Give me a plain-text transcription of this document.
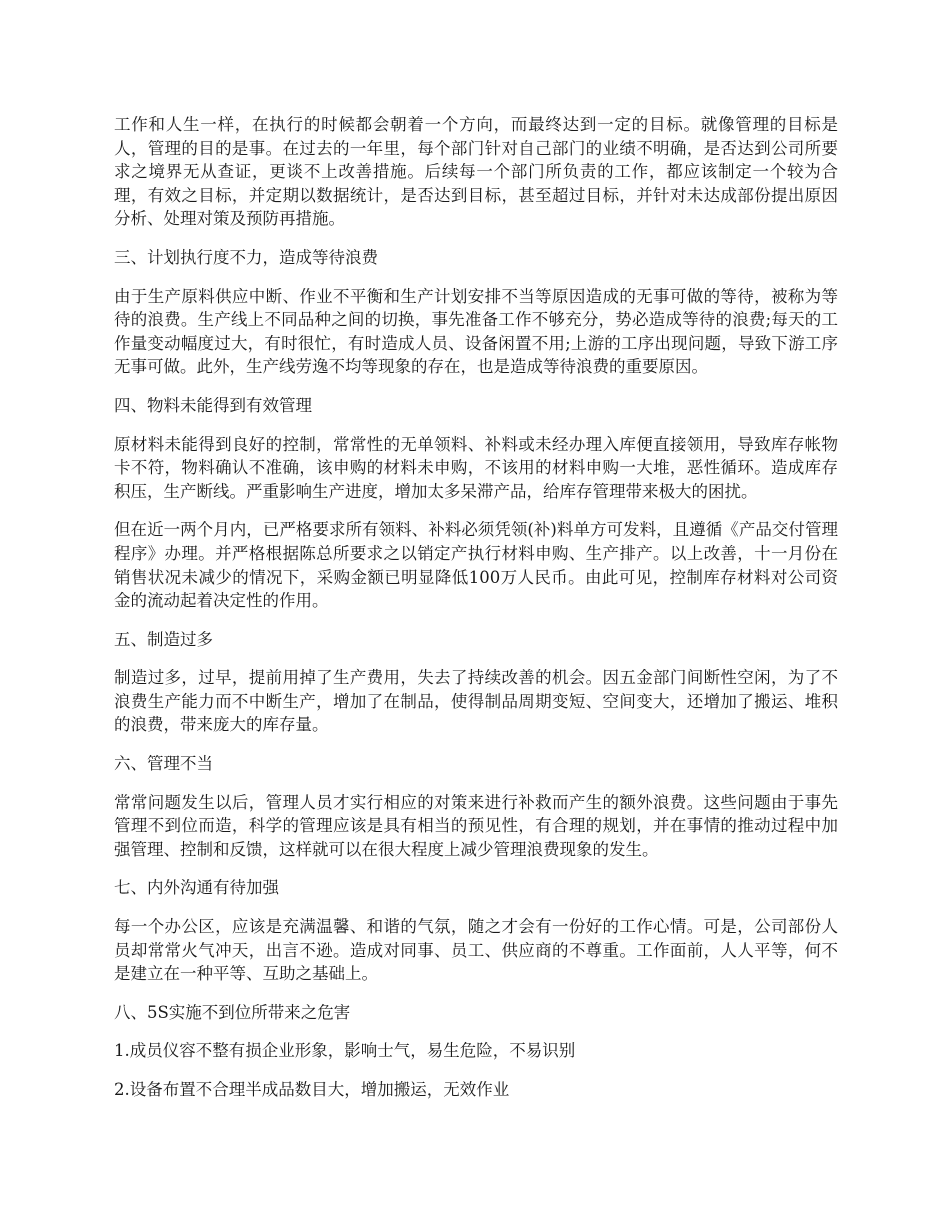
工作和人生一样，在执行的时候都会朝着一个方向，而最终达到一定的目标。就像管理的目标是人，管理的目的是事。在过去的一年里，每个部门针对自己部门的业绩不明确，是否达到公司所要求之境界无从查证，更谈不上改善措施。后续每一个部门所负责的工作，都应该制定一个较为合理，有效之目标，并定期以数据统计，是否达到目标，甚至超过目标，并针对未达成部份提出原因分析、处理对策及预防再措施。

三、计划执行度不力，造成等待浪费

由于生产原料供应中断、作业不平衡和生产计划安排不当等原因造成的无事可做的等待，被称为等待的浪费。生产线上不同品种之间的切换，事先准备工作不够充分，势必造成等待的浪费;每天的工作量变动幅度过大，有时很忙，有时造成人员、设备闲置不用;上游的工序出现问题，导致下游工序无事可做。此外，生产线劳逸不均等现象的存在，也是造成等待浪费的重要原因。

四、物料未能得到有效管理

原材料未能得到良好的控制，常常性的无单领料、补料或未经办理入库便直接领用，导致库存帐物卡不符，物料确认不准确，该申购的材料未申购，不该用的材料申购一大堆，恶性循环。造成库存积压，生产断线。严重影响生产进度，增加太多呆滞产品，给库存管理带来极大的困扰。

但在近一两个月内，已严格要求所有领料、补料必须凭领(补)料单方可发料，且遵循《产品交付管理程序》办理。并严格根据陈总所要求之以销定产执行材料申购、生产排产。以上改善，十一月份在销售状况未减少的情况下，采购金额已明显降低100万人民币。由此可见，控制库存材料对公司资金的流动起着决定性的作用。

五、制造过多

制造过多，过早，提前用掉了生产费用，失去了持续改善的机会。因五金部门间断性空闲，为了不浪费生产能力而不中断生产，增加了在制品，使得制品周期变短、空间变大，还增加了搬运、堆积的浪费，带来庞大的库存量。

六、管理不当

常常问题发生以后，管理人员才实行相应的对策来进行补救而产生的额外浪费。这些问题由于事先管理不到位而造，科学的管理应该是具有相当的预见性，有合理的规划，并在事情的推动过程中加强管理、控制和反馈，这样就可以在很大程度上减少管理浪费现象的发生。

七、内外沟通有待加强

每一个办公区，应该是充满温馨、和谐的气氛，随之才会有一份好的工作心情。可是，公司部份人员却常常火气冲天，出言不逊。造成对同事、员工、供应商的不尊重。工作面前，人人平等，何不是建立在一种平等、互助之基础上。

八、5S实施不到位所带来之危害

1.成员仪容不整有损企业形象，影响士气，易生危险，不易识别

2.设备布置不合理半成品数目大，增加搬运，无效作业
